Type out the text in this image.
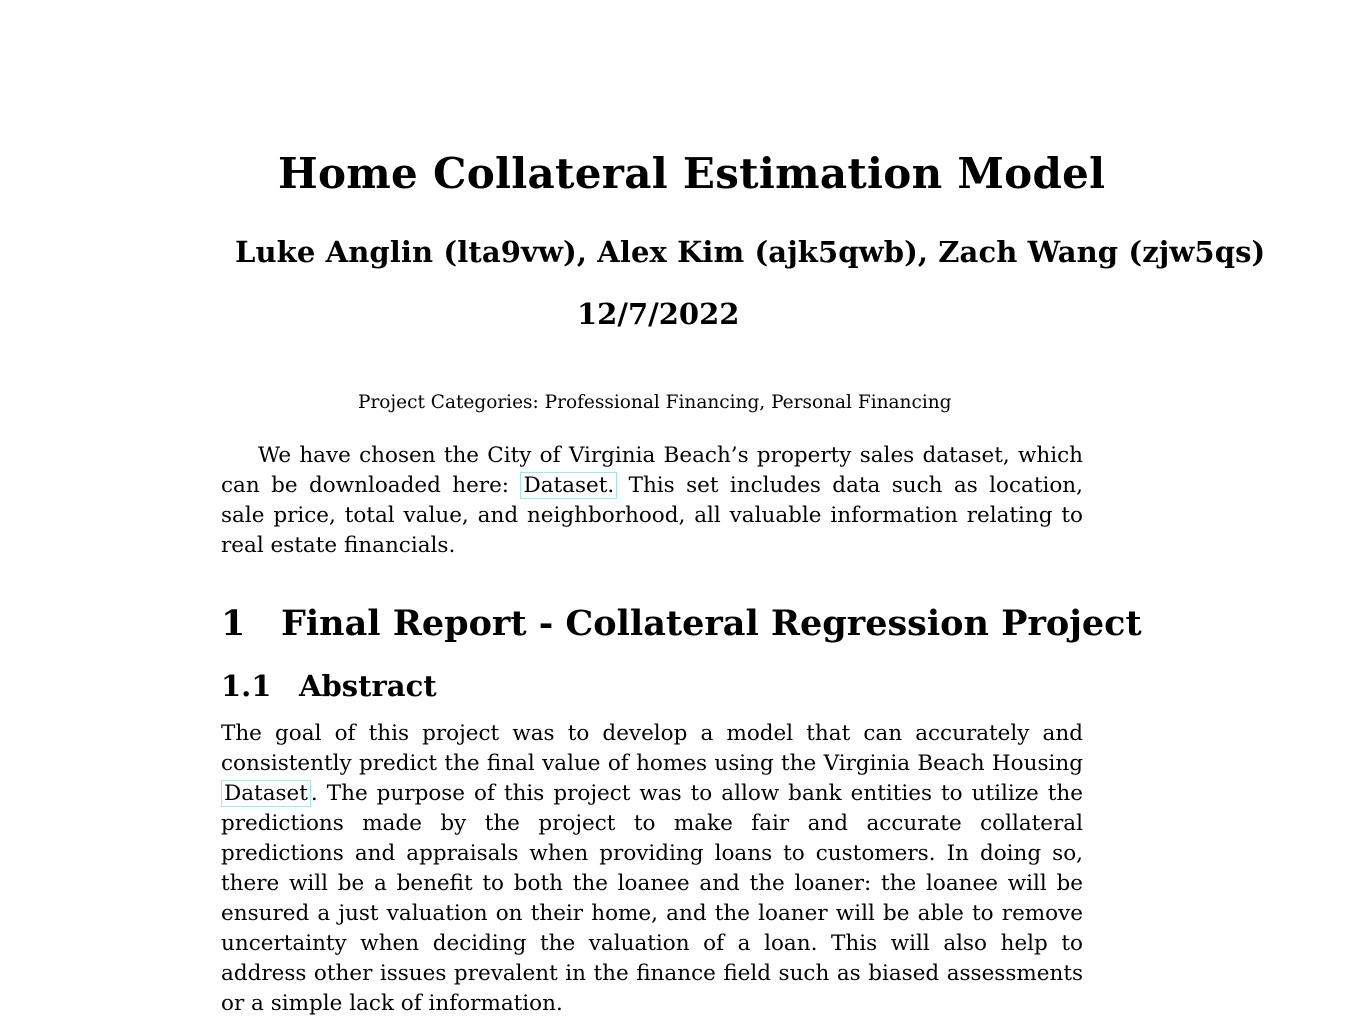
Home Collateral Estimation Model
Luke Anglin (lta9vw), Alex Kim (ajk5qwb), Zach Wang (zjw5qs)
12/7/2022
Project Categories: Professional Financing, Personal Financing
We have chosen the City of Virginia Beach’s property sales dataset, which can be downloaded here: Dataset. This set includes data such as location, sale price, total value, and neighborhood, all valuable information relating to real estate financials.
1 Final Report - Collateral Regression Project
1.1 Abstract
The goal of this project was to develop a model that can accurately and consistently predict the final value of homes using the Virginia Beach Housing Dataset . The purpose of this project was to allow bank entities to utilize the predictions made by the project to make fair and accurate collateral predictions and appraisals when providing loans to customers. In doing so, there will be a benefit to both the loanee and the loaner: the loanee will be ensured a just valuation on their home, and the loaner will be able to remove uncertainty when deciding the valuation of a loan. This will also help to address other issues prevalent in the finance field such as biased assessments or a simple lack of information.
